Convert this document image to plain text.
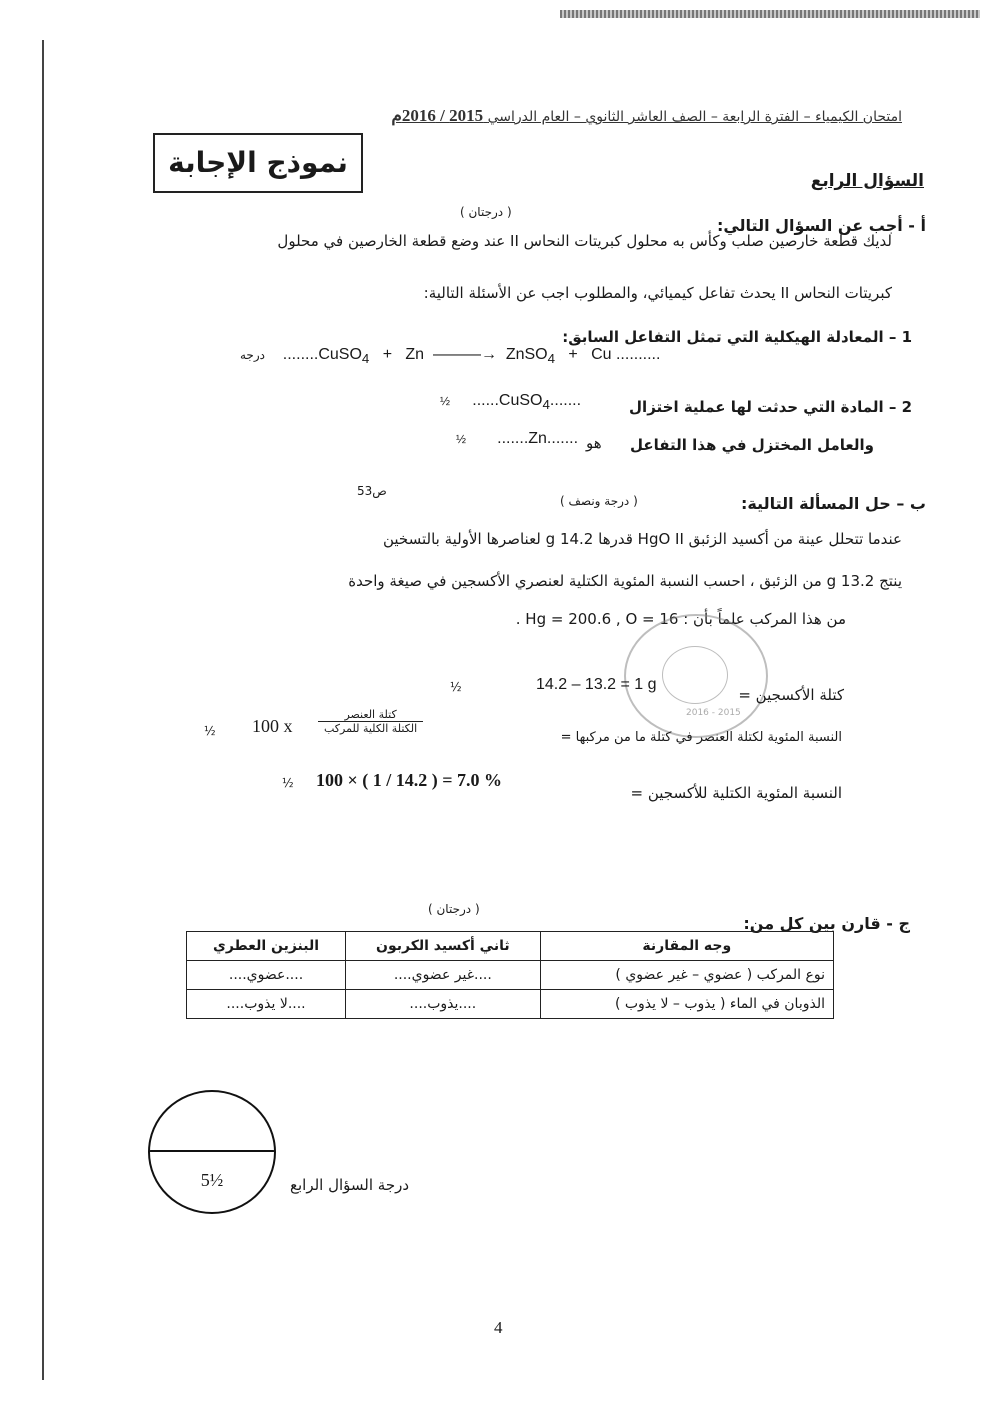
امتحان الكيمياء – الفترة الرابعة – الصف العاشر الثانوي – العام الدراسي 2015 / 2016م
نموذج الإجابة
السؤال الرابع
( درجتان )
أ - أجب عن السؤال التالي:
لديك قطعة خارصين صلب وكأس به محلول كبريتات النحاس II عند وضع قطعة الخارصين في محلول
كبريتات النحاس II يحدث تفاعل كيميائي، والمطلوب اجب عن الأسئلة التالية:
1 – المعادلة الهيكلية التي تمثل التفاعل السابق:
درجه ........CuSO$_4$ + Zn ———→ ZnSO$_4$ + Cu ..........
2 – المادة التي حدثت لها عملية اختزال
½ ......CuSO$_4$.......
والعامل المختزل في هذا التفاعل
هو
½ .......Zn.......
ص53
( درجة ونصف )	ب – حل المسألة التالية:
عندما تتحلل عينة من أكسيد الزئبق HgO II قدرها 14.2 g لعناصرها الأولية بالتسخين
ينتج 13.2 g من الزئبق ، احسب النسبة المئوية الكتلية لعنصري الأكسجين في صيغة واحدة
من هذا المركب علماً بأن : Hg = 200.6 , O = 16 .
2016 - 2015
½	14.2 – 13.2 = 1 g
كتلة الأكسجين =
½ 100 x $\frac{\text{كتلة العنصر}}{\text{الكتلة الكلية للمركب}}$
النسبة المئوية لكتلة العنصر في كتلة ما من مركبها =
½ 100 × ( 1 / 14.2 ) = 7.0 %
النسبة المئوية الكتلية للأكسجين =
( درجتان )
ج - قارن بين كل من:
وجه المقارنة	ثاني أكسيد الكربون	البنزين العطري
نوع المركب ( عضوي – غير عضوي )	....غير عضوي....	....عضوي....
الذوبان في الماء ( يذوب – لا يذوب )	....يذوب....	....لا يذوب....
5½	درجة السؤال الرابع
4
